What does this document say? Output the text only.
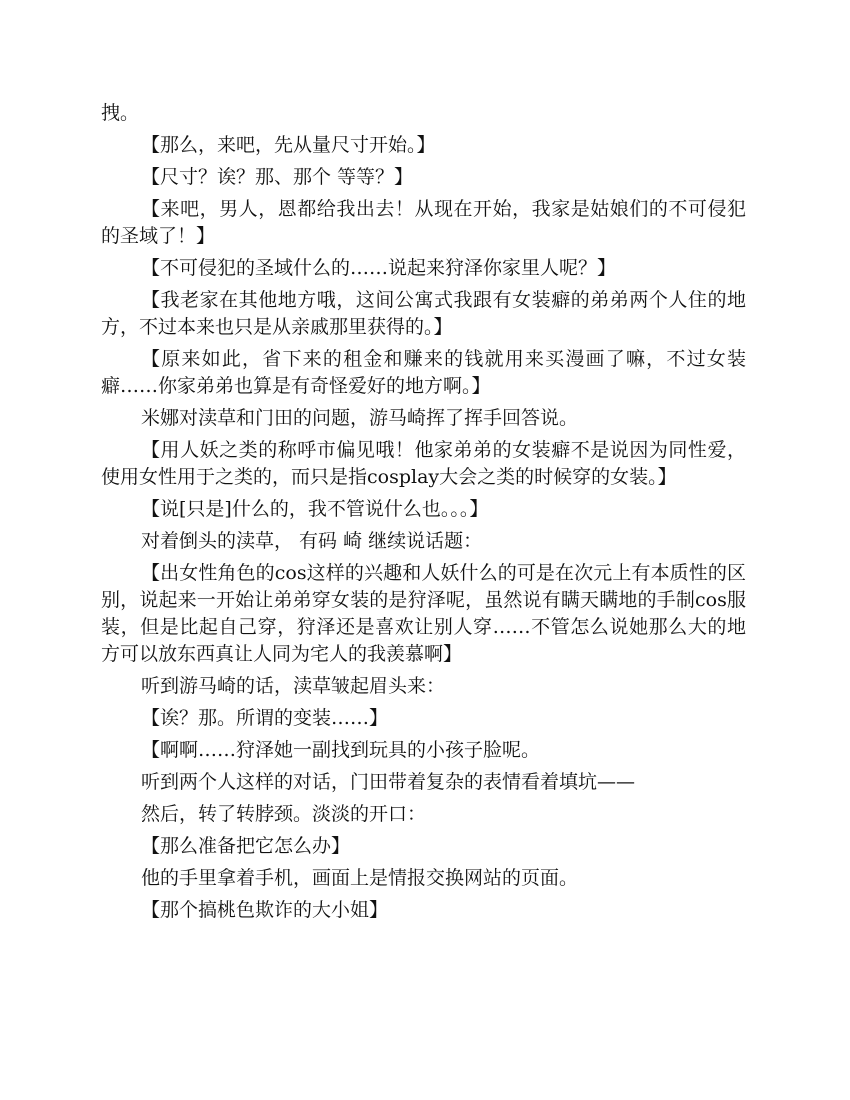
拽。

【那么，来吧，先从量尺寸开始。】

【尺寸？诶？那、那个 等等？】

【来吧，男人，恩都给我出去！从现在开始，我家是姑娘们的不可侵犯的圣域了！】

【不可侵犯的圣域什么的……说起来狩泽你家里人呢？】

【我老家在其他地方哦，这间公寓式我跟有女装癖的弟弟两个人住的地方，不过本来也只是从亲戚那里获得的。】

【原来如此，省下来的租金和赚来的钱就用来买漫画了嘛，不过女装癖……你家弟弟也算是有奇怪爱好的地方啊。】

米娜对渎草和门田的问题，游马崎挥了挥手回答说。

【用人妖之类的称呼市偏见哦！他家弟弟的女装癖不是说因为同性爱，使用女性用于之类的，而只是指cosplay大会之类的时候穿的女装。】

【说[只是]什么的，我不管说什么也。。。】

对着倒头的渎草， 有码 崎 继续说话题：

【出女性角色的cos这样的兴趣和人妖什么的可是在次元上有本质性的区别，说起来一开始让弟弟穿女装的是狩泽呢，虽然说有瞒天瞒地的手制cos服装，但是比起自己穿，狩泽还是喜欢让别人穿……不管怎么说她那么大的地方可以放东西真让人同为宅人的我羡慕啊】

听到游马崎的话，渎草皱起眉头来：

【诶？那。所谓的变装……】

【啊啊……狩泽她一副找到玩具的小孩子脸呢。

听到两个人这样的对话，门田带着复杂的表情看着填坑——

然后，转了转脖颈。淡淡的开口：

【那么准备把它怎么办】

他的手里拿着手机，画面上是情报交换网站的页面。

【那个搞桃色欺诈的大小姐】
